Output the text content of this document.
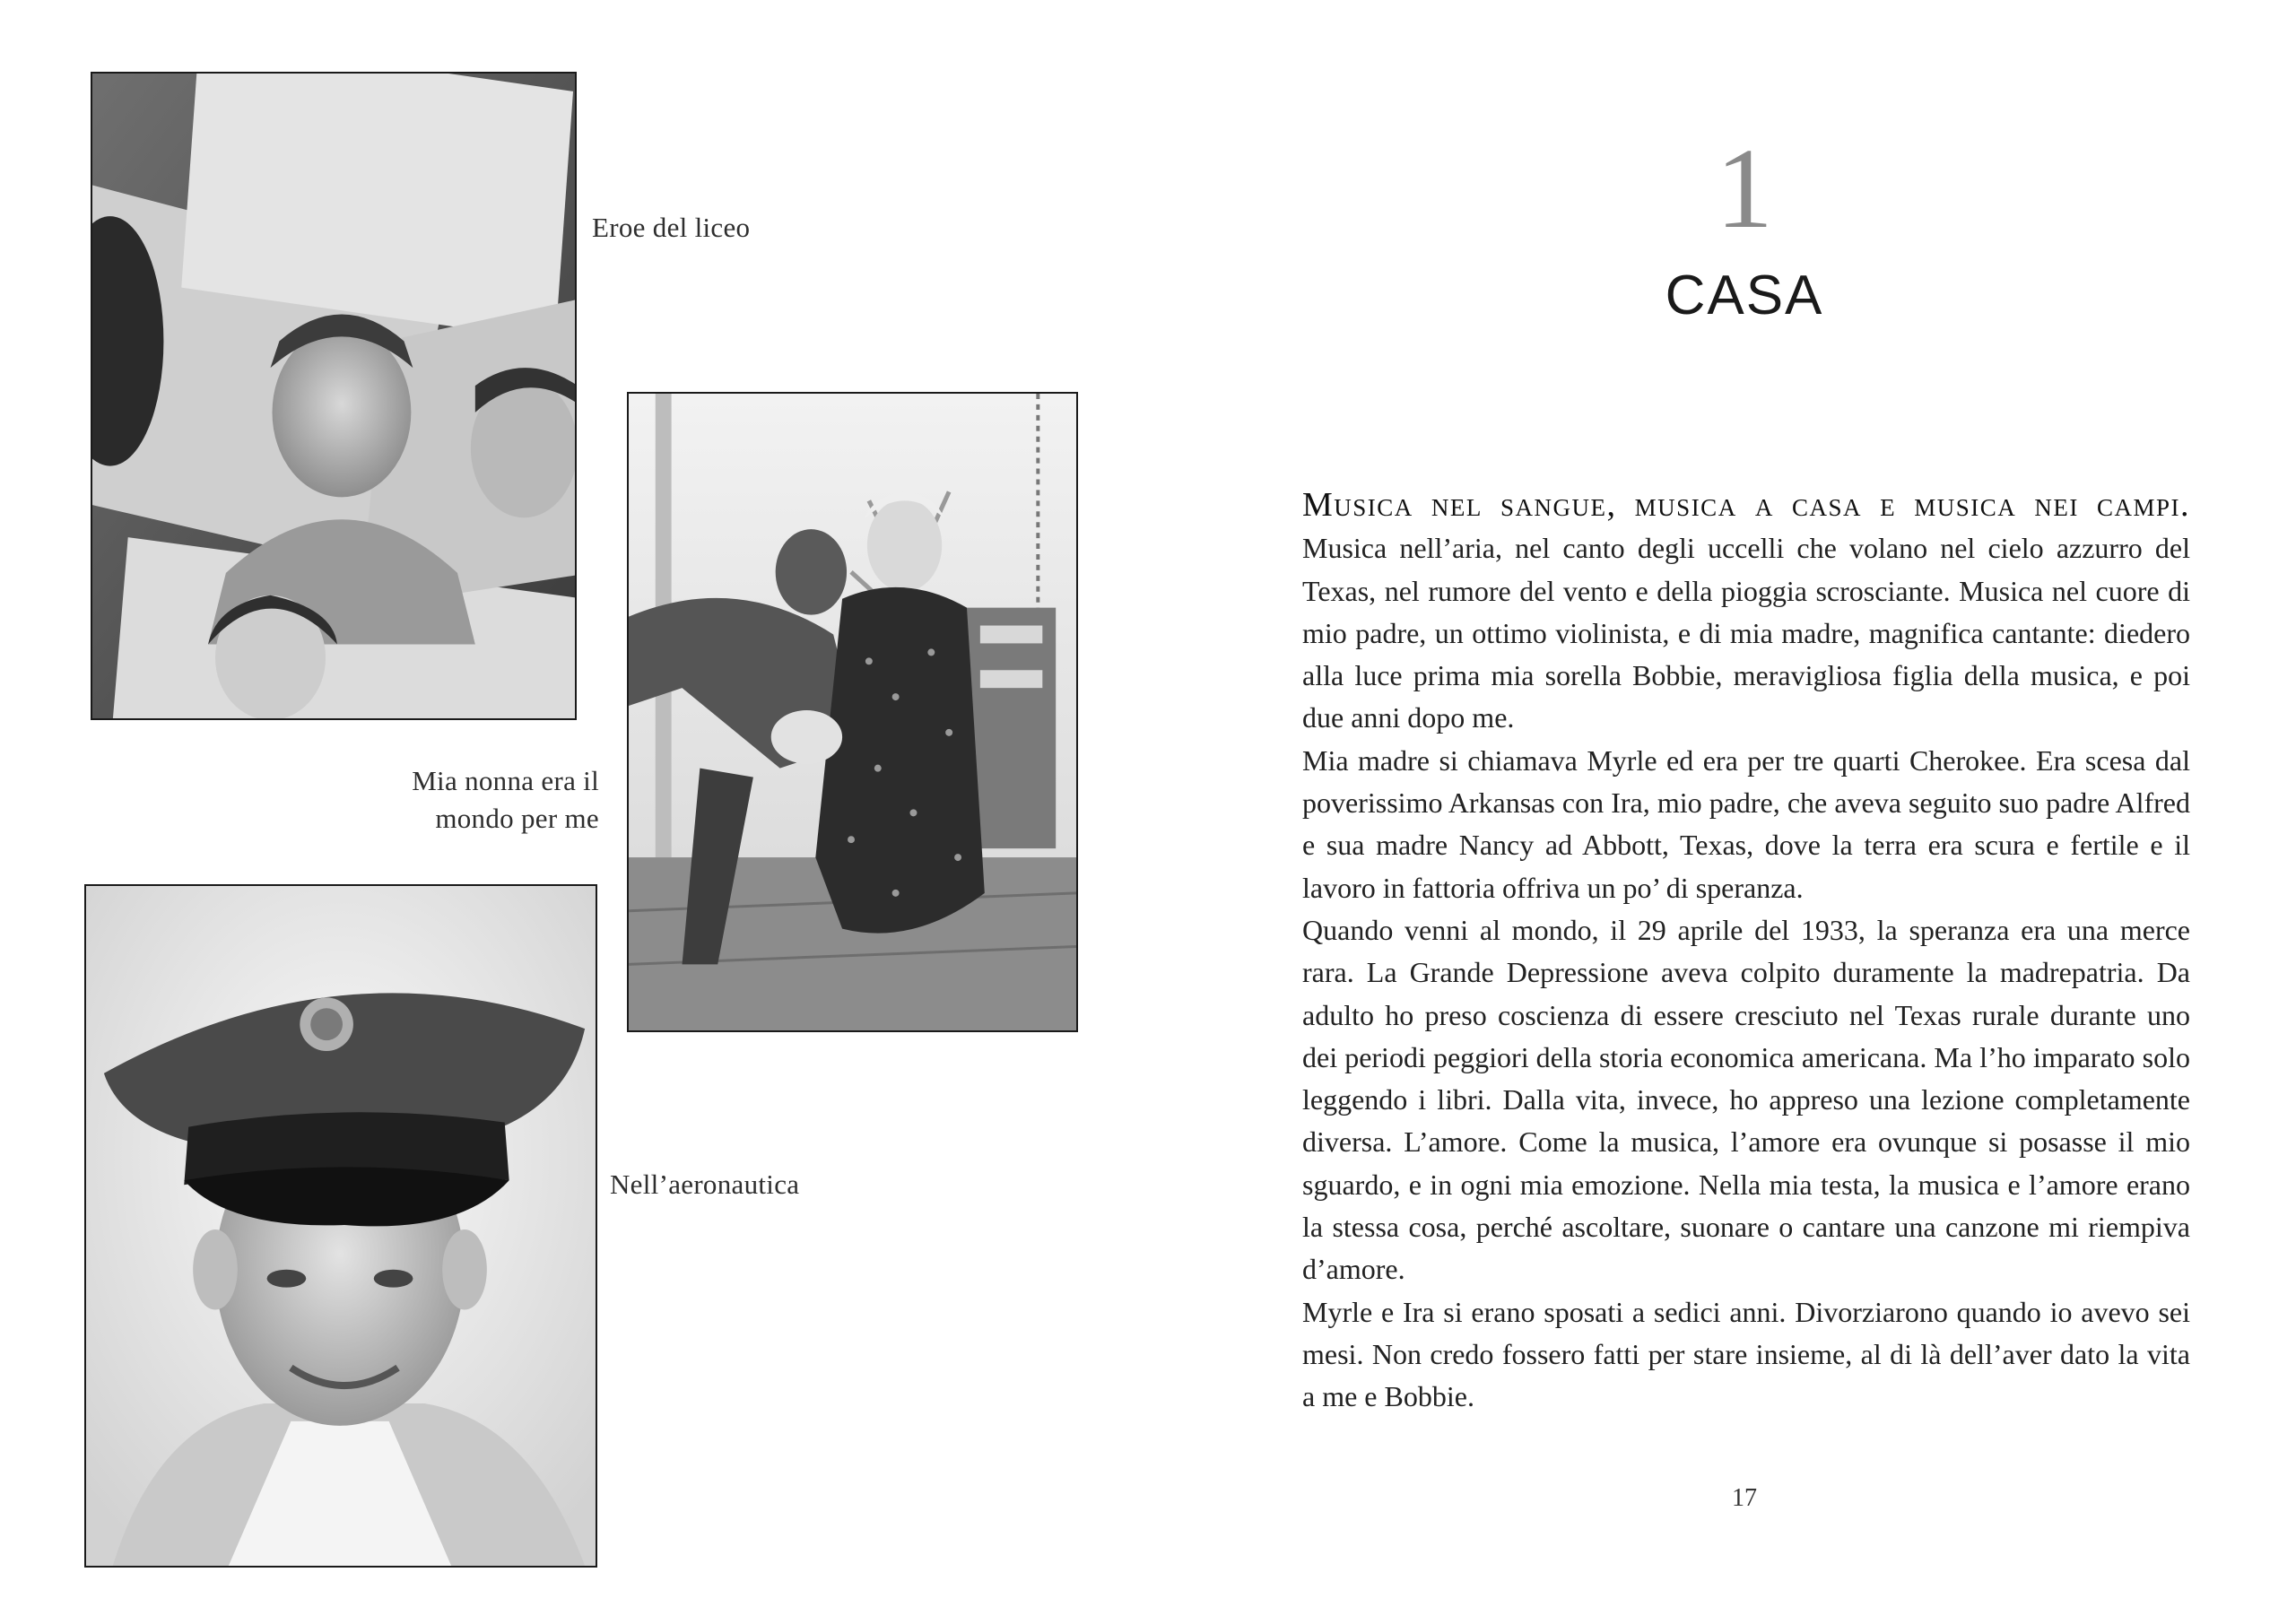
Eroe del liceo
Mia nonna era il mondo per me
Nell’aeronautica
1
CASA

Musica nel sangue, musica a casa e musica nei campi. Musica nell’aria, nel canto degli uccelli che volano nel cielo azzurro del Texas, nel rumore del vento e della pioggia scrosciante. Musica nel cuore di mio padre, un ottimo violinista, e di mia madre, magnifica cantante: diedero alla luce prima mia sorella Bobbie, meravigliosa figlia della musica, e poi due anni dopo me.

Mia madre si chiamava Myrle ed era per tre quarti Cherokee. Era scesa dal poverissimo Arkansas con Ira, mio padre, che aveva seguito suo padre Alfred e sua madre Nancy ad Abbott, Texas, dove la terra era scura e fertile e il lavoro in fattoria offriva un po’ di speranza.

Quando venni al mondo, il 29 aprile del 1933, la speranza era una merce rara. La Grande Depressione aveva colpito duramente la madrepatria. Da adulto ho preso coscienza di essere cresciuto nel Texas rurale durante uno dei periodi peggiori della storia economica americana. Ma l’ho imparato solo leggendo i libri. Dalla vita, invece, ho appreso una lezione completamente diversa. L’amore. Come la musica, l’amore era ovunque si posasse il mio sguardo, e in ogni mia emozione. Nella mia testa, la musica e l’amore erano la stessa cosa, perché ascoltare, suonare o cantare una canzone mi riempiva d’amore.

Myrle e Ira si erano sposati a sedici anni. Divorziarono quando io avevo sei mesi. Non credo fossero fatti per stare insieme, al di là dell’aver dato la vita a me e Bobbie.

17
